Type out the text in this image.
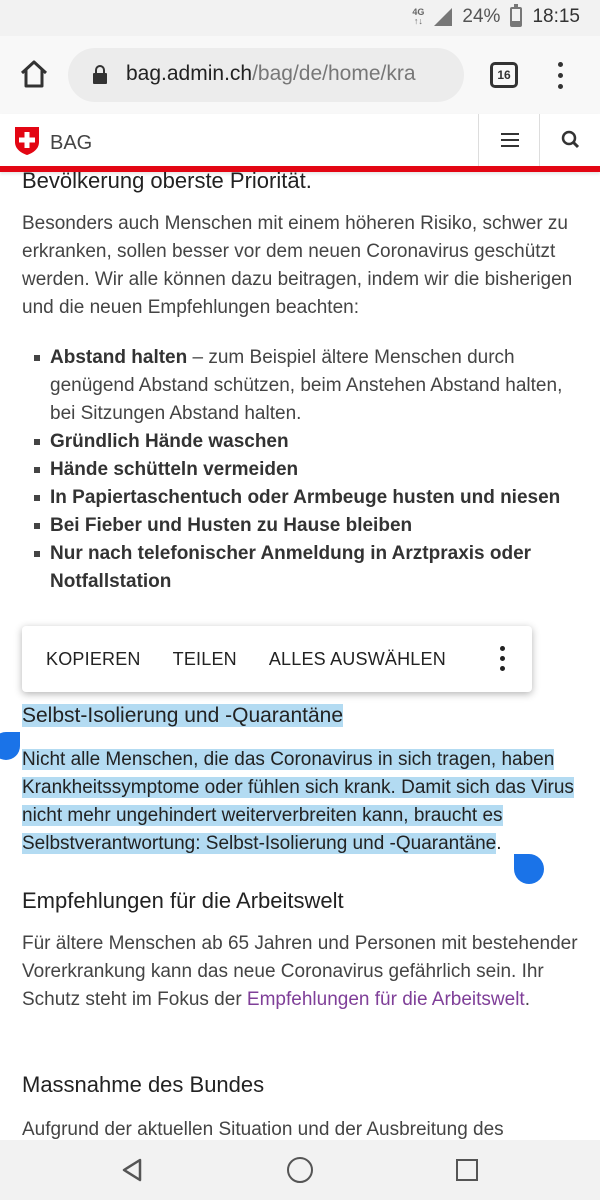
4G
↑↓ 24% 18:15
bag.admin.ch/bag/de/home/kra	16
BAG
Bevölkerung oberste Priorität.

Besonders auch Menschen mit einem höheren Risiko, schwer zu erkranken, sollen besser vor dem neuen Coronavirus geschützt werden. Wir alle können dazu beitragen, indem wir die bisherigen und die neuen Empfehlungen beachten:

Abstand halten – zum Beispiel ältere Menschen durch genügend Abstand schützen, beim Anstehen Abstand halten, bei Sitzungen Abstand halten.
Gründlich Hände waschen
Hände schütteln vermeiden
In Papiertaschentuch oder Armbeuge husten und niesen
Bei Fieber und Husten zu Hause bleiben
Nur nach telefonischer Anmeldung in Arztpraxis oder Notfallstation

Selbst-Isolierung und -Quarantäne

Nicht alle Menschen, die das Coronavirus in sich tragen, haben Krankheitssymptome oder fühlen sich krank. Damit sich das Virus nicht mehr ungehindert weiterverbreiten kann, braucht es Selbstverantwortung: Selbst-Isolierung und -Quarantäne.

Empfehlungen für die Arbeitswelt

Für ältere Menschen ab 65 Jahren und Personen mit bestehender Vorerkrankung kann das neue Coronavirus gefährlich sein. Ihr Schutz steht im Fokus der Empfehlungen für die Arbeitswelt.

Massnahme des Bundes

Aufgrund der aktuellen Situation und der Ausbreitung des

KOPIEREN TEILEN ALLES AUSWÄHLEN
